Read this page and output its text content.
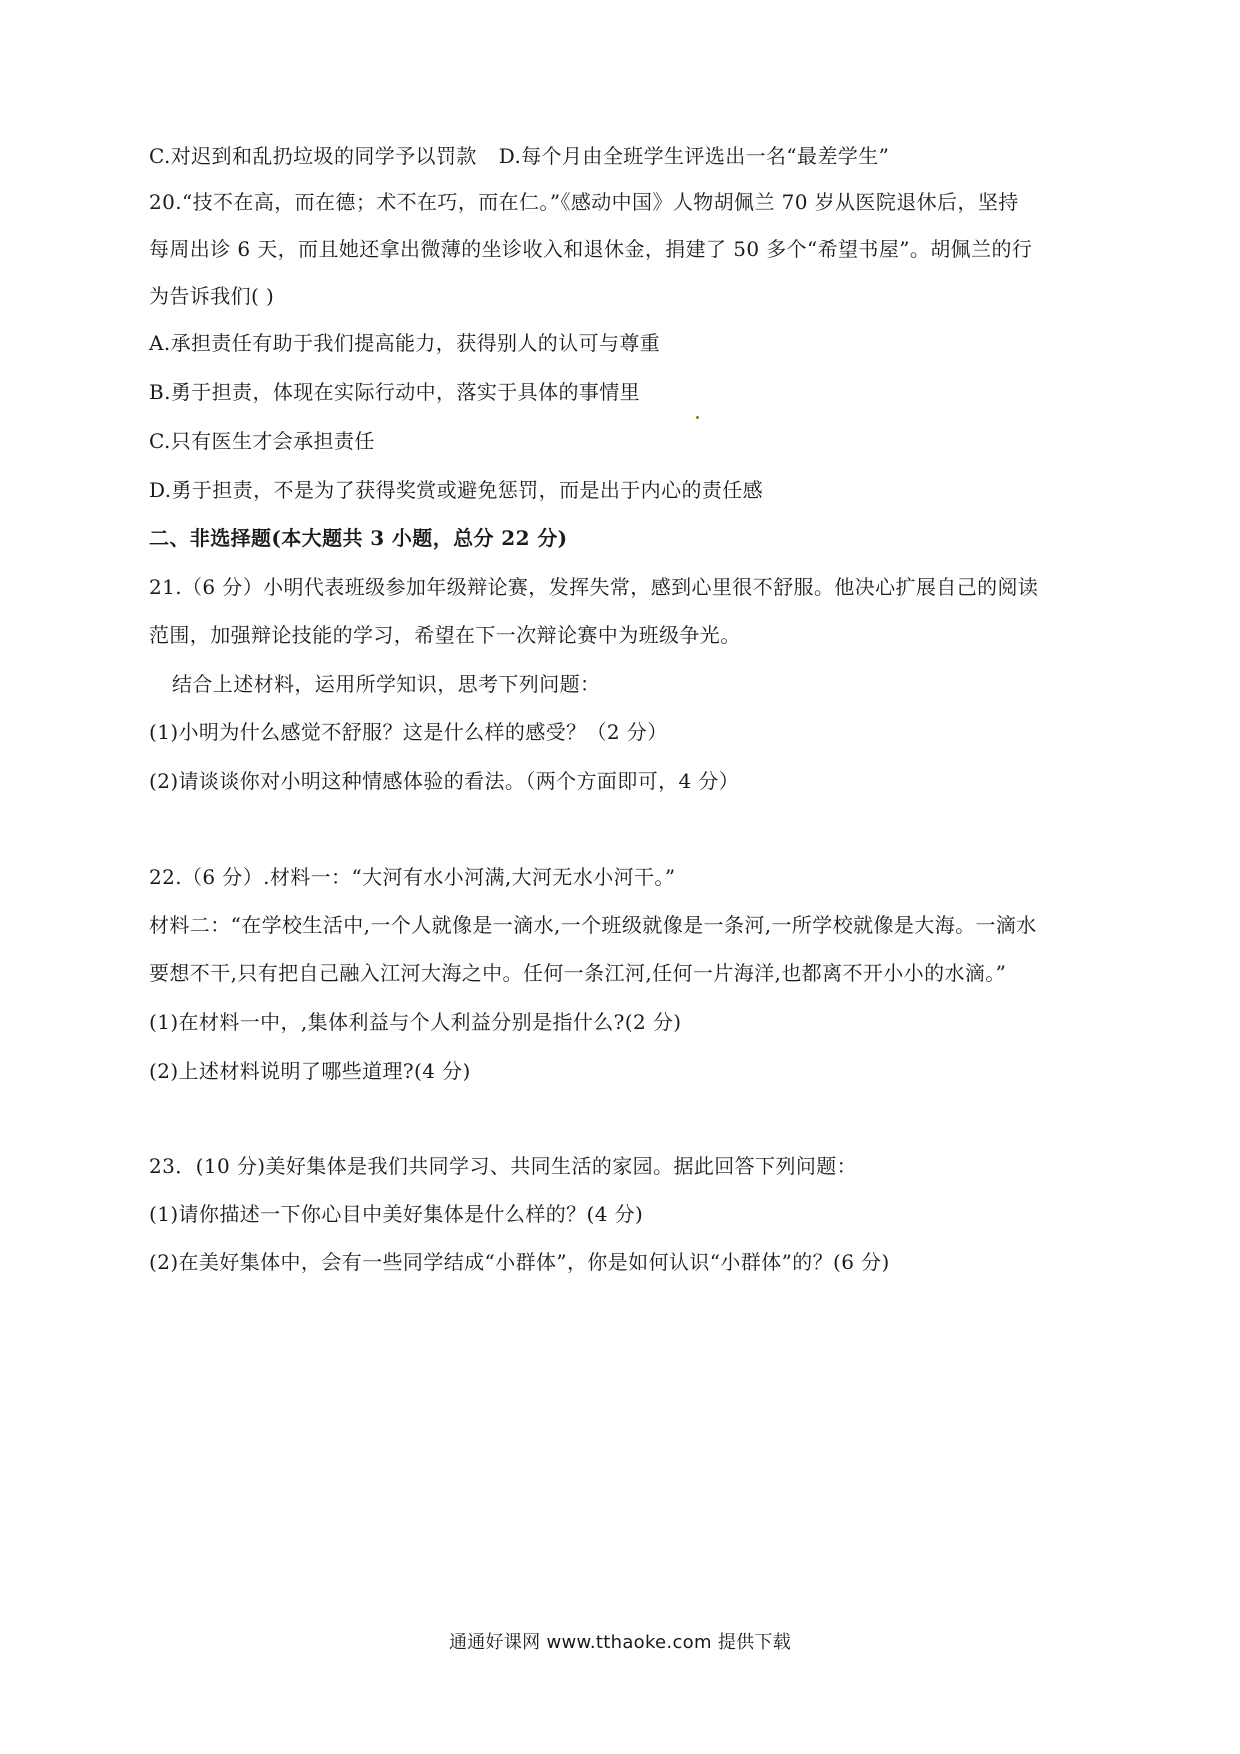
C.对迟到和乱扔垃圾的同学予以罚款 D.每个月由全班学生评选出一名“最差学生”
20.“技不在高，而在德；术不在巧，而在仁。”《感动中国》人物胡佩兰 70 岁从医院退休后，坚持
每周出诊 6 天，而且她还拿出微薄的坐诊收入和退休金，捐建了 50 多个“希望书屋”。胡佩兰的行
为告诉我们( )
A.承担责任有助于我们提高能力，获得别人的认可与尊重
B.勇于担责，体现在实际行动中，落实于具体的事情里
C.只有医生才会承担责任
D.勇于担责，不是为了获得奖赏或避免惩罚，而是出于内心的责任感
二、非选择题(本大题共 3 小题，总分 22 分)
21.（6 分）小明代表班级参加年级辩论赛，发挥失常，感到心里很不舒服。他决心扩展自己的阅读
范围，加强辩论技能的学习，希望在下一次辩论赛中为班级争光。
结合上述材料，运用所学知识，思考下列问题：
(1)小明为什么感觉不舒服？这是什么样的感受？（2 分）
(2)请谈谈你对小明这种情感体验的看法。（两个方面即可，4 分）
22.（6 分）.材料一：“大河有水小河满,大河无水小河干。”
材料二：“在学校生活中,一个人就像是一滴水,一个班级就像是一条河,一所学校就像是大海。一滴水
要想不干,只有把自己融入江河大海之中。任何一条江河,任何一片海洋,也都离不开小小的水滴。”
(1)在材料一中，,集体利益与个人利益分别是指什么?(2 分)
(2)上述材料说明了哪些道理?(4 分)
23．(10 分)美好集体是我们共同学习、共同生活的家园。据此回答下列问题：
(1)请你描述一下你心目中美好集体是什么样的？(4 分)
(2)在美好集体中，会有一些同学结成“小群体”，你是如何认识“小群体”的？(6 分)
通通好课网 www.tthaoke.com 提供下载
